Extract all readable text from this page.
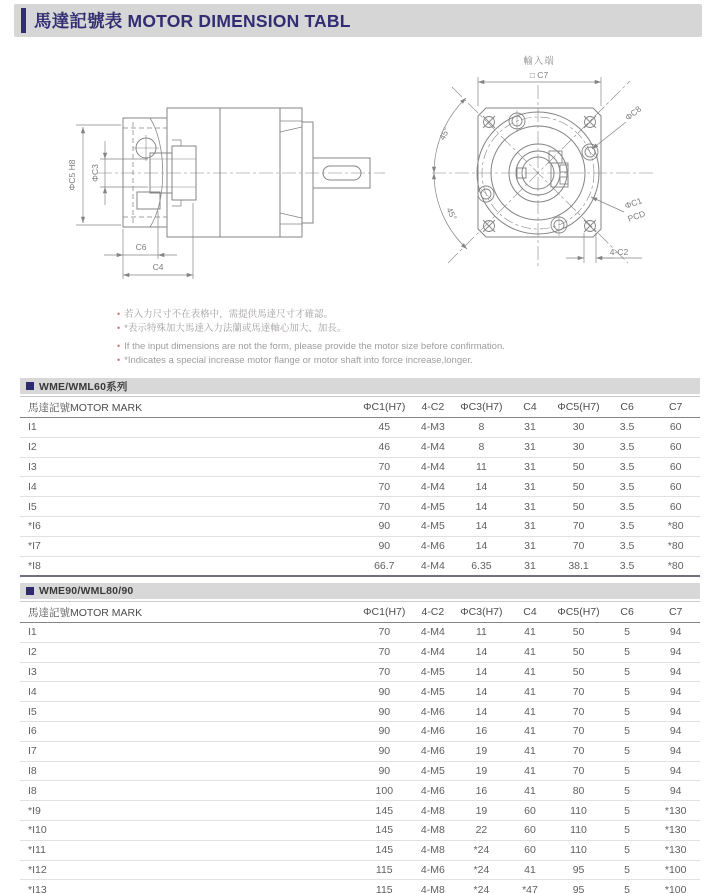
馬達記號表 MOTOR DIMENSION TABL
ΦC5 H8 ΦC3
C6
C4
輸入端
□ C7
ΦC8
ΦC1
PCD
4-C2
45°
45°
• 若入力尺寸不在表格中，需提供馬達尺寸才確認。
• *表示特殊加大馬達入力法蘭或馬達軸心加大、加長。
• If the input dimensions are not the form, please provide the motor size before confirmation.
• *Indicates a special increase motor flange or motor shaft into force increase,longer.
WME/WML60系列
馬達記號MOTOR MARK	ΦC1(H7)	4-C2	ΦC3(H7)	C4	ΦC5(H7)	C6	C7
I1	45	4-M3	8	31	30	3.5	60
I2	46	4-M4	8	31	30	3.5	60
I3	70	4-M4	11	31	50	3.5	60
I4	70	4-M4	14	31	50	3.5	60
I5	70	4-M5	14	31	50	3.5	60
*I6	90	4-M5	14	31	70	3.5	*80
*I7	90	4-M6	14	31	70	3.5	*80
*I8	66.7	4-M4	6.35	31	38.1	3.5	*80
WME90/WML80/90
馬達記號MOTOR MARK	ΦC1(H7)	4-C2	ΦC3(H7)	C4	ΦC5(H7)	C6	C7
I1	70	4-M4	11	41	50	5	94
I2	70	4-M4	14	41	50	5	94
I3	70	4-M5	14	41	50	5	94
I4	90	4-M5	14	41	70	5	94
I5	90	4-M6	14	41	70	5	94
I6	90	4-M6	16	41	70	5	94
I7	90	4-M6	19	41	70	5	94
I8	90	4-M5	19	41	70	5	94
I8	100	4-M6	16	41	80	5	94
*I9	145	4-M8	19	60	110	5	*130
*I10	145	4-M8	22	60	110	5	*130
*I11	145	4-M8	*24	60	110	5	*130
*I12	115	4-M6	*24	41	95	5	*100
*I13	115	4-M8	*24	*47	95	5	*100
